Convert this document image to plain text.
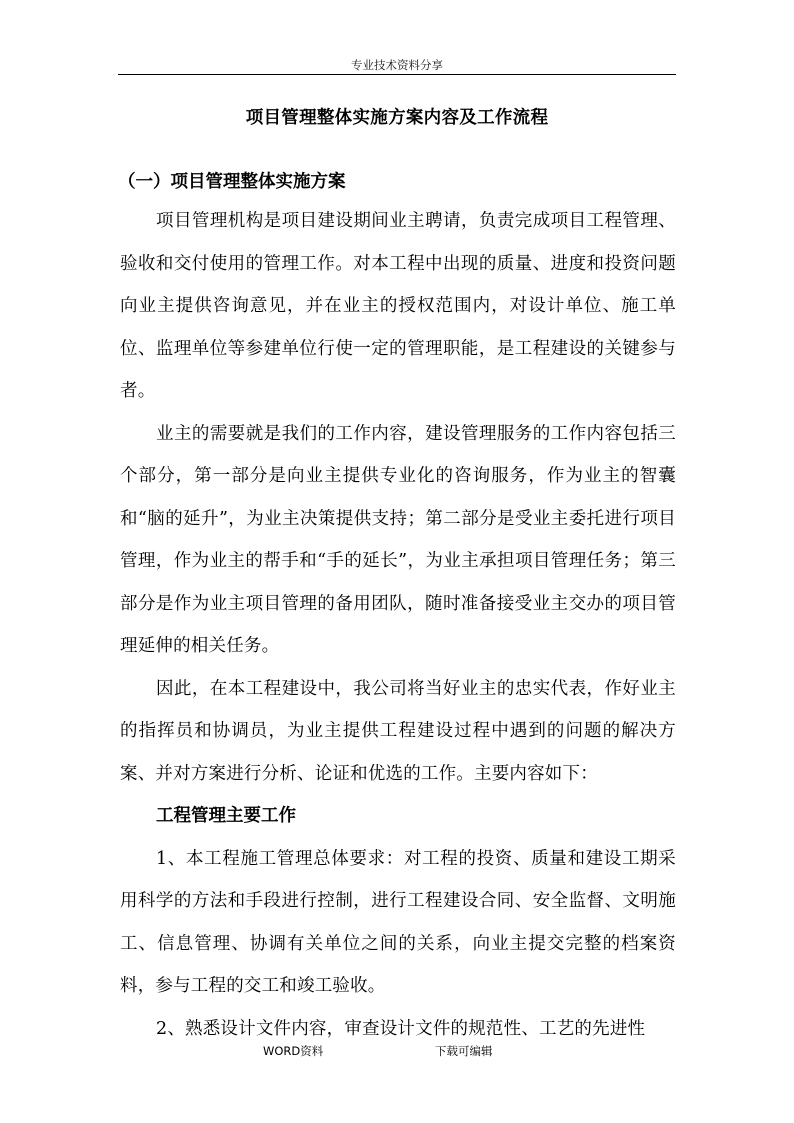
专业技术资料分享
项目管理整体实施方案内容及工作流程
（一）项目管理整体实施方案

项目管理机构是项目建设期间业主聘请，负责完成项目工程管理、验收和交付使用的管理工作。对本工程中出现的质量、进度和投资问题向业主提供咨询意见，并在业主的授权范围内，对设计单位、施工单位、监理单位等参建单位行使一定的管理职能，是工程建设的关键参与者。

业主的需要就是我们的工作内容，建设管理服务的工作内容包括三个部分，第一部分是向业主提供专业化的咨询服务，作为业主的智囊和“脑的延升”，为业主决策提供支持；第二部分是受业主委托进行项目管理，作为业主的帮手和“手的延长”，为业主承担项目管理任务；第三部分是作为业主项目管理的备用团队，随时准备接受业主交办的项目管理延伸的相关任务。

因此，在本工程建设中，我公司将当好业主的忠实代表，作好业主的指挥员和协调员，为业主提供工程建设过程中遇到的问题的解决方案、并对方案进行分析、论证和优选的工作。主要内容如下：

工程管理主要工作

1、本工程施工管理总体要求：对工程的投资、质量和建设工期采用科学的方法和手段进行控制，进行工程建设合同、安全监督、文明施工、信息管理、协调有关单位之间的关系，向业主提交完整的档案资料，参与工程的交工和竣工验收。

2、熟悉设计文件内容，审查设计文件的规范性、工艺的先进性

WORD资料	下载可编辑
